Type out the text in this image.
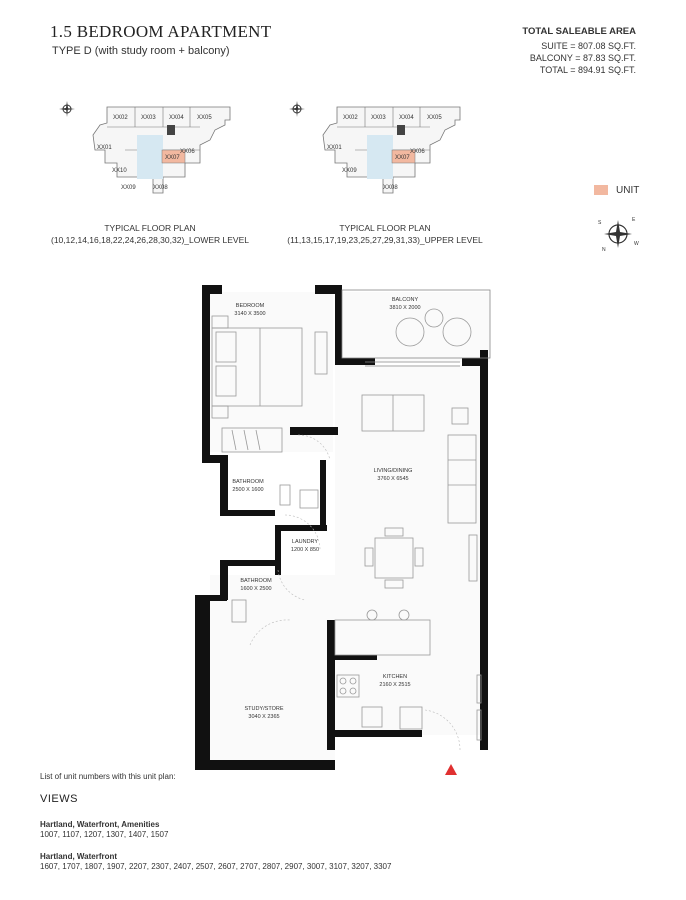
1.5 BEDROOM APARTMENT
TYPE D (with study room + balcony)
TOTAL SALEABLE AREA
SUITE = 807.08 SQ.FT.
BALCONY = 87.83 SQ.FT.
TOTAL = 894.91 SQ.FT.
XX02 XX03 XX04 XX05
XX01
XX06
XX10
XX07
XX09	XX08
TYPICAL FLOOR PLAN
(10,12,14,16,18,22,24,26,28,30,32)_LOWER LEVEL
XX02 XX03 XX04 XX05
XX01
XX06
XX09
XX07
XX08
TYPICAL FLOOR PLAN
(11,13,15,17,19,23,25,27,29,31,33)_UPPER LEVEL
UNIT
S	E
W
N
BEDROOM
3140 X 3500
BALCONY
3810 X 2000
BATHROOM
2500 X 1600
LIVING/DINING
3760 X 6545
LAUNDRY
1200 X 850
BATHROOM
1600 X 2500
KITCHEN
2160 X 2515
STUDY/STORE
3040 X 2365
List of unit numbers with this unit plan:
VIEWS
Hartland, Waterfront, Amenities
1007, 1107, 1207, 1307, 1407, 1507
Hartland, Waterfront
1607, 1707, 1807, 1907, 2207, 2307, 2407, 2507, 2607, 2707, 2807, 2907, 3007, 3107, 3207, 3307
